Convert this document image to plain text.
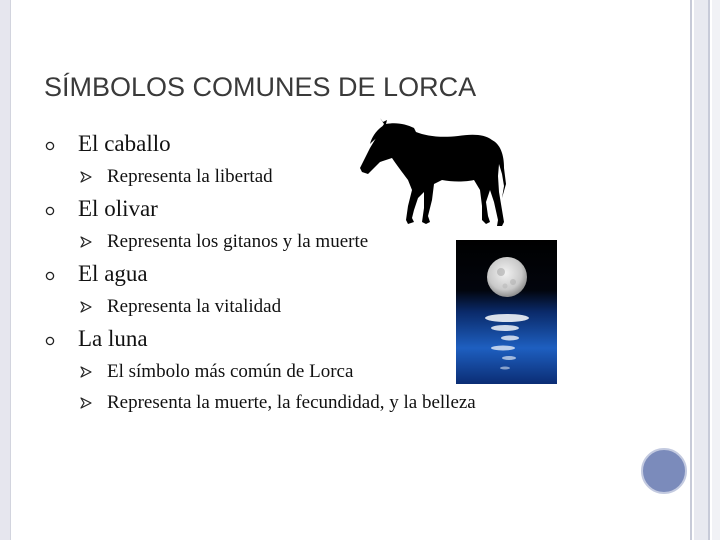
SÍMBOLOS COMUNES DE LORCA
El caballo
Representa la libertad
El olivar
Representa los gitanos y la muerte
El agua
Representa la vitalidad
La luna
El símbolo más común de Lorca
Representa la muerte, la fecundidad, y la belleza
